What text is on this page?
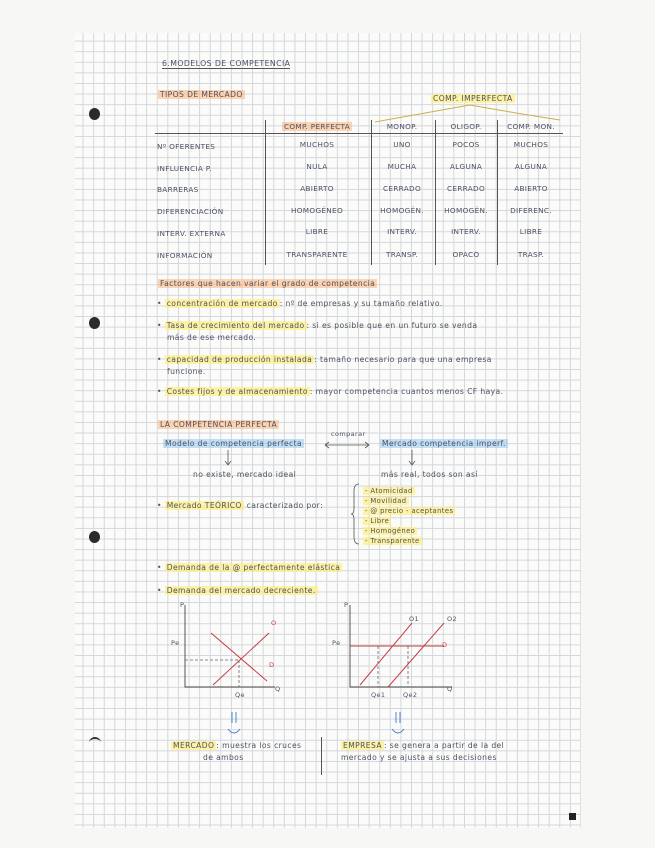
6.MODELOS DE COMPETENCIA
TIPOS DE MERCADO	COMP. IMPERFECTA
COMP. PERFECTA	MONOP.	OLIGOP.	COMP. MON.
Nº OFERENTES	MUCHOS	UNO	POCOS	MUCHOS
INFLUENCIA P.	NULA	MUCHA	ALGUNA	ALGUNA
BARRERAS	ABIERTO	CERRADO	CERRADO	ABIERTO
DIFERENCIACIÓN	HOMOGÉNEO	HOMOGÉN.	HOMOGÉN.	DIFERENC.
INTERV. EXTERNA	LIBRE	INTERV.	INTERV.	LIBRE
INFORMACIÓN	TRANSPARENTE	TRANSP.	OPACO	TRASP.
Factores que hacen variar el grado de competencia
• concentración de mercado : nº de empresas y su tamaño relativo.
• Tasa de crecimiento del mercado : si es posible que en un futuro se venda
más de ese mercado.
• capacidad de producción instalada : tamaño necesario para que una empresa
funcione.
• Costes fijos y de almacenamiento : mayor competencia cuantos menos CF haya.
LA COMPETENCIA PERFECTA
Modelo de competencia perfecta
comparar
Mercado competencia imperf.
no existe, mercado ideal	más real, todos son así
• Mercado TEÓRICO caracterizado por:
- Atomicidad
- Movilidad
- @ precio - aceptantes
- Libre
- Homogéneo
- Transparente
• Demanda de la @ perfectamente elástica
• Demanda del mercado decreciente.
P
Q
Pe
Qe
O
D
P
Q
Pe
Qe1	Qe2
O1	O2
D
MERCADO : muestra los cruces
de ambos
EMPRESA : se genera a partir de la del
mercado y se ajusta a sus decisiones
